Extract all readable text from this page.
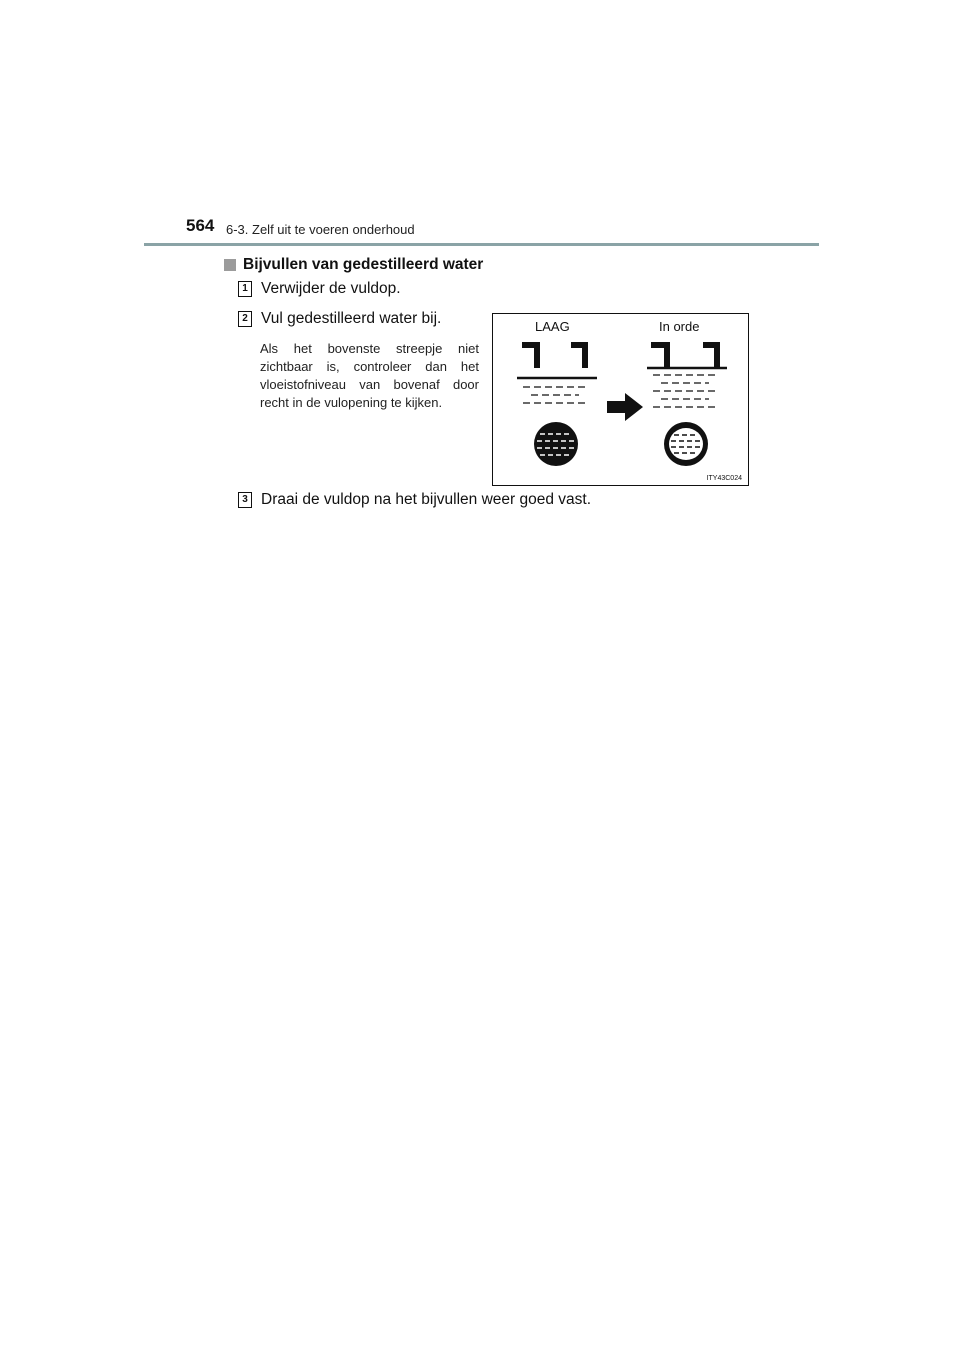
564 6-3. Zelf uit te voeren onderhoud
Bijvullen van gedestilleerd water
1 Verwijder de vuldop.
2 Vul gedestilleerd water bij.
Als het bovenste streepje niet zichtbaar is, controleer dan het vloeistofniveau van bovenaf door recht in de vulopening te kijken.
LAAG	In orde
ITY43C024
3 Draai de vuldop na het bijvullen weer goed vast.
